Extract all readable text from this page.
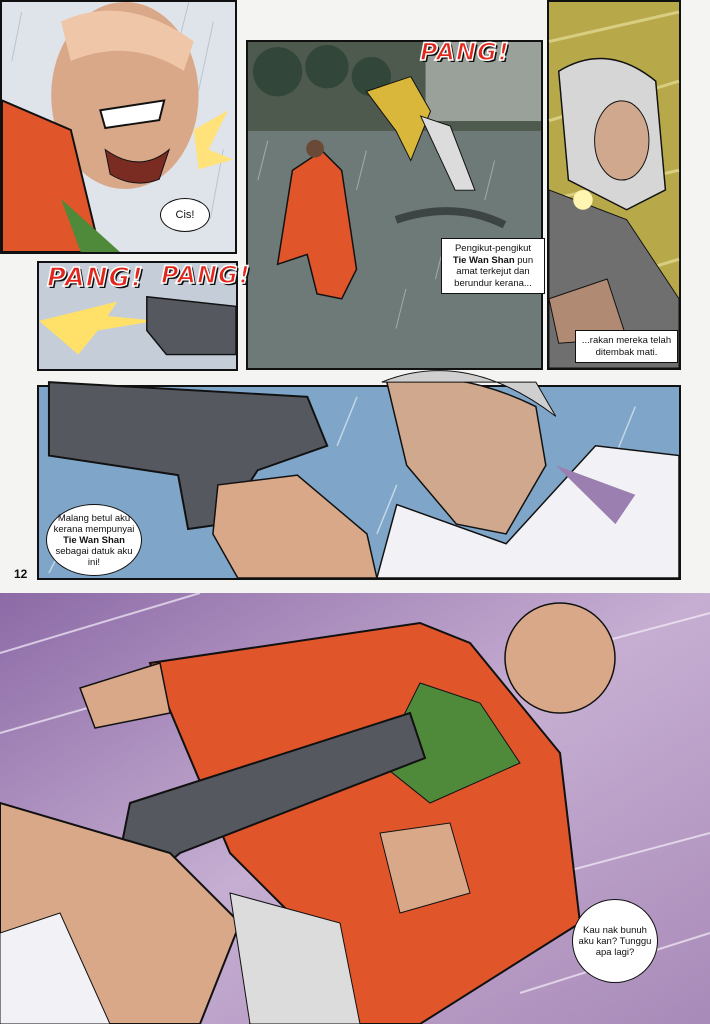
Cis!
PANG!
Pengikut-pengikut Tie Wan Shan pun amat terkejut dan berundur kerana...
...rakan mereka telah ditembak mati.
PANG! PANG!
Malang betul aku kerana mempunyai Tie Wan Shan sebagai datuk aku ini!
12
Kau nak bunuh aku kan? Tunggu apa lagi?
